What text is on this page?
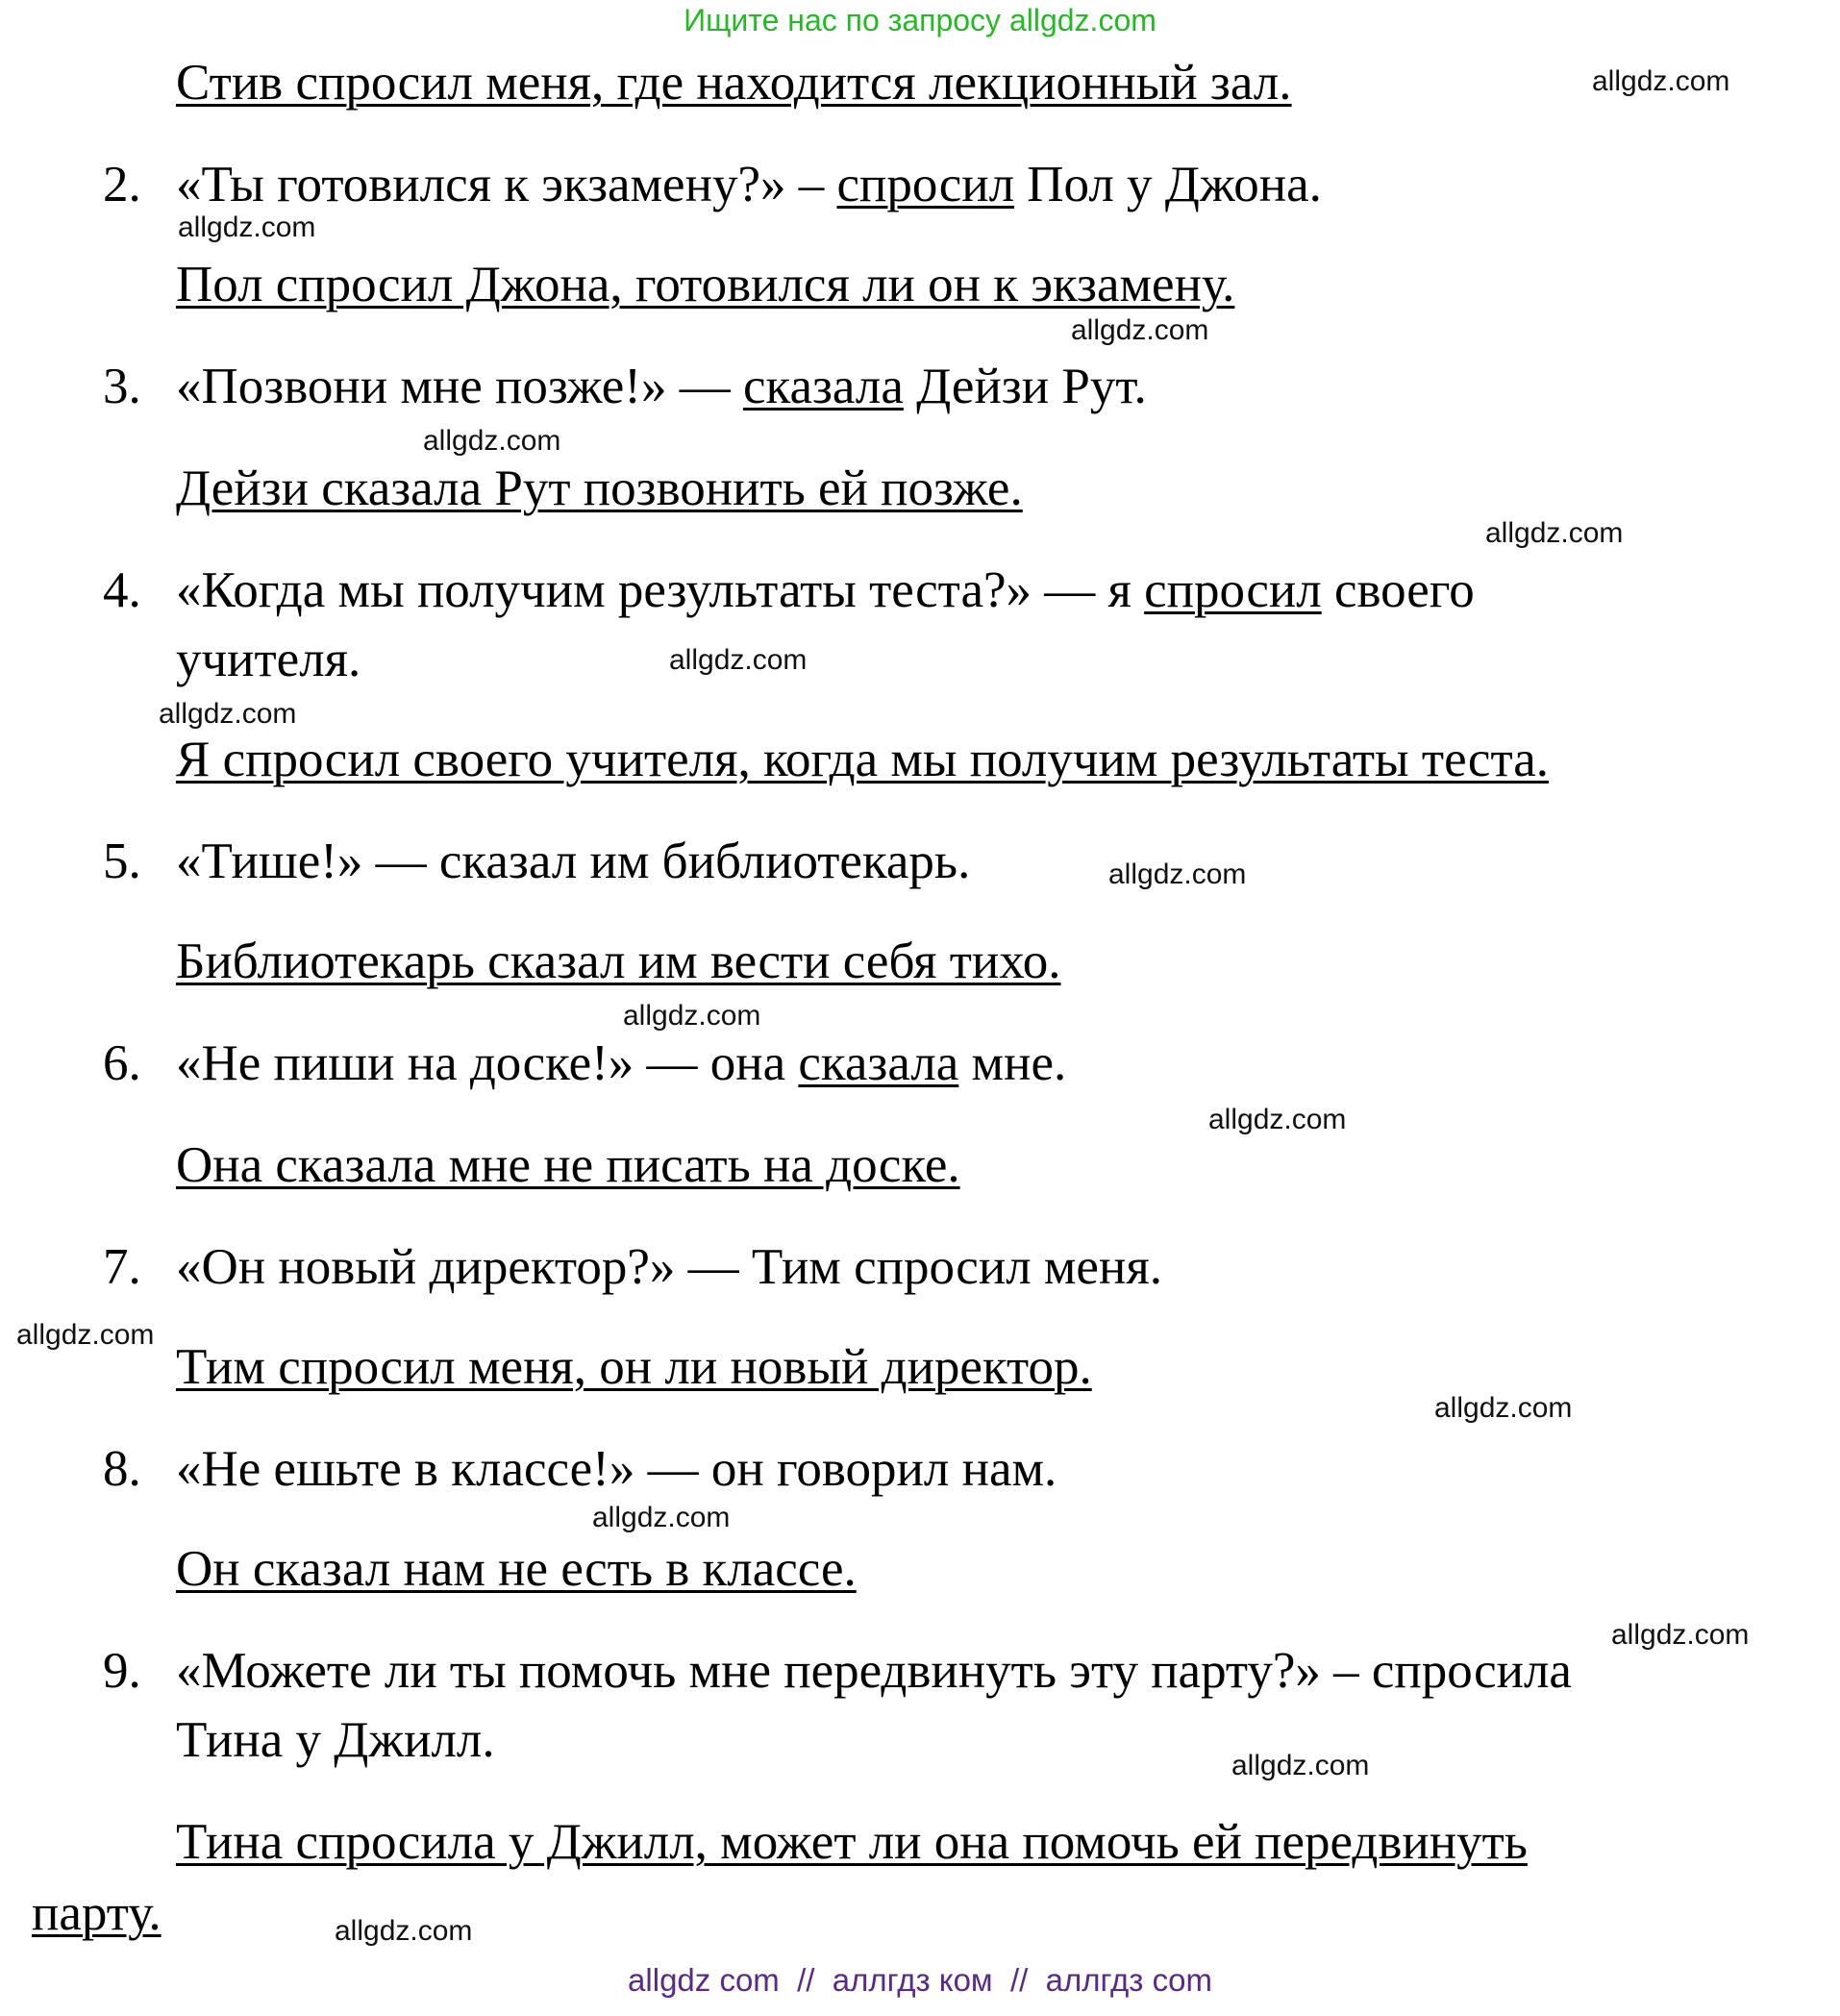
Ищите нас по запросу allgdz.com
Стив спросил меня, где находится лекционный зал.
2. «Ты готовился к экзамену?» – спросил Пол у Джона.
Пол спросил Джона, готовился ли он к экзамену.
3. «Позвони мне позже!» — сказала Дейзи Рут.
Дейзи сказала Рут позвонить ей позже.
4. «Когда мы получим результаты теста?» — я спросил своего
учителя.
Я спросил своего учителя, когда мы получим результаты теста.
5. «Тише!» — сказал им библиотекарь.
Библиотекарь сказал им вести себя тихо.
6. «Не пиши на доске!» — она сказала мне.
Она сказала мне не писать на доске.
7. «Он новый директор?» — Тим спросил меня.
Тим спросил меня, он ли новый директор.
8. «Не ешьте в классе!» — он говорил нам.
Он сказал нам не есть в классе.
9. «Можете ли ты помочь мне передвинуть эту парту?» – спросила
Тина у Джилл.
Тина спросила у Джилл, может ли она помочь ей передвинуть
парту.
allgdz.com
allgdz.com
allgdz.com
allgdz.com
allgdz.com
allgdz.com
allgdz.com
allgdz.com
allgdz.com
allgdz.com
allgdz.com
allgdz.com
allgdz.com
allgdz.com
allgdz.com
allgdz.com
allgdz com  //  аллгдз ком  //  аллгдз com
